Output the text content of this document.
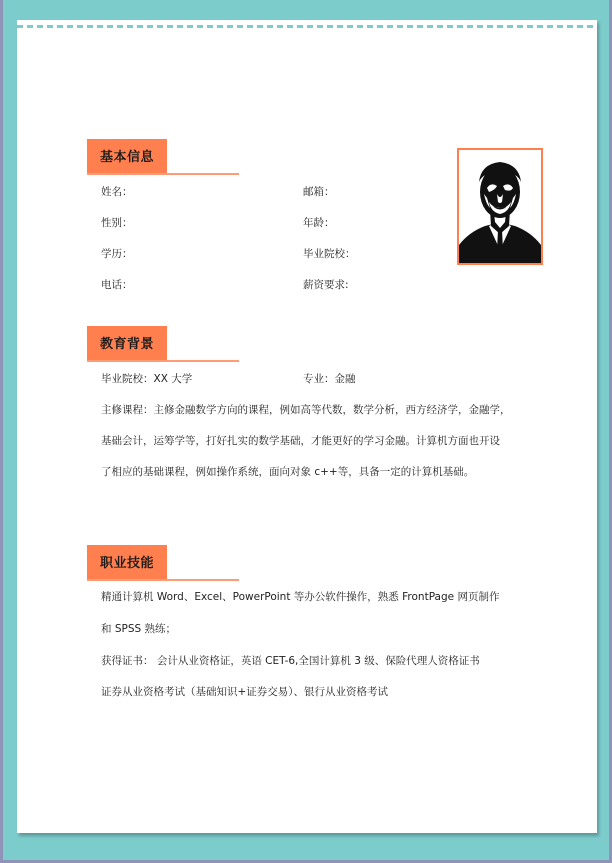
基本信息
姓名：	邮箱：
性别：	年龄：
学历：	毕业院校：
电话：	薪资要求:
教育背景
毕业院校：XX 大学	专业：金融
主修课程：主修金融数学方向的课程，例如高等代数，数学分析，西方经济学，金融学，
基础会计，运筹学等，打好扎实的数学基础，才能更好的学习金融。计算机方面也开设
了相应的基础课程，例如操作系统，面向对象 c++等，具备一定的计算机基础。
职业技能
精通计算机 Word、Excel、PowerPoint 等办公软件操作，熟悉 FrontPage 网页制作
和 SPSS 熟练；
获得证书： 会计从业资格证，英语 CET-6,全国计算机 3 级、保险代理人资格证书
证券从业资格考试（基础知识+证券交易）、银行从业资格考试
